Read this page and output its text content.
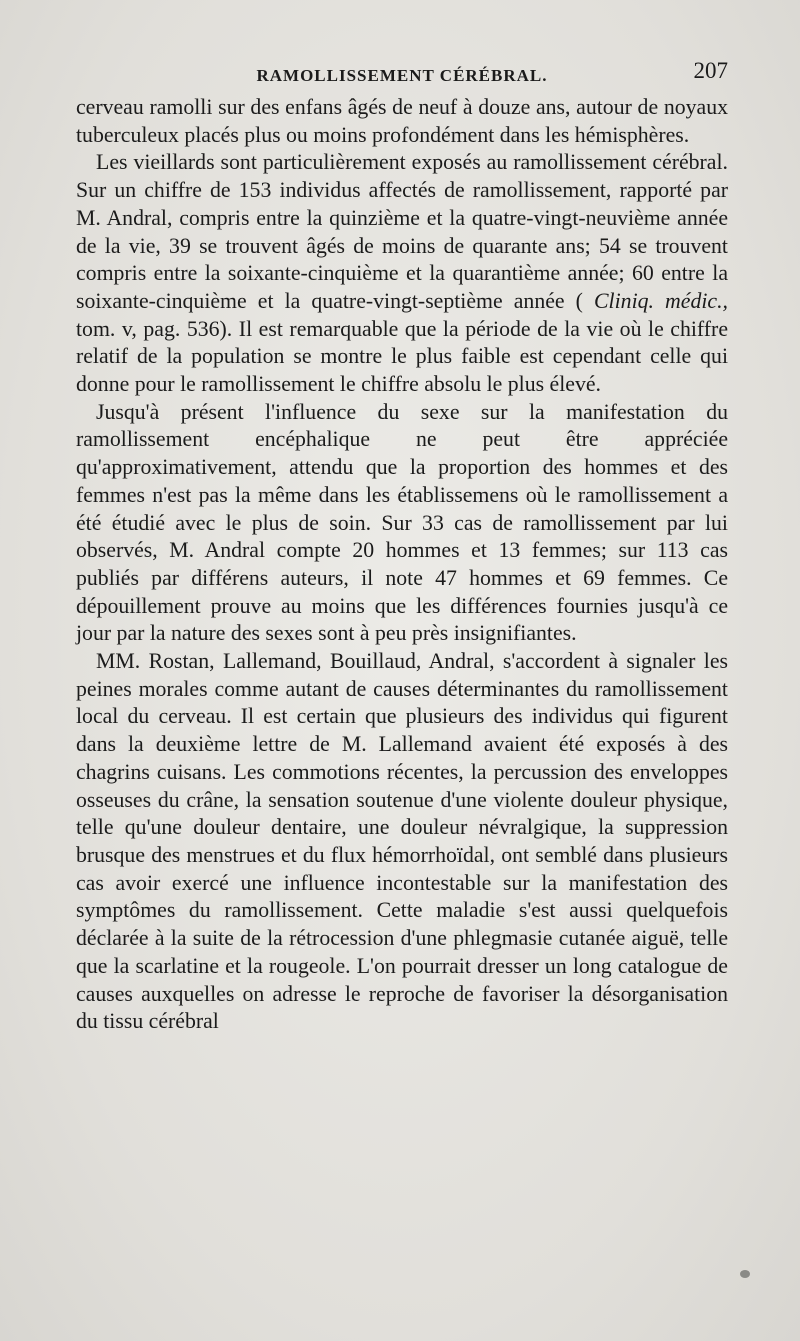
RAMOLLISSEMENT CÉRÉBRAL.	207

cerveau ramolli sur des enfans âgés de neuf à douze ans, autour de noyaux tuberculeux placés plus ou moins profondément dans les hémisphères.

Les vieillards sont particulièrement exposés au ramollissement cérébral. Sur un chiffre de 153 individus affectés de ramollissement, rapporté par M. Andral, compris entre la quinzième et la quatre-vingt-neuvième année de la vie, 39 se trouvent âgés de moins de quarante ans; 54 se trouvent compris entre la soixante-cinquième et la quarantième année; 60 entre la soixante-cinquième et la quatre-vingt-septième année ( Cliniq. médic., tom. v, pag. 536). Il est remarquable que la période de la vie où le chiffre relatif de la population se montre le plus faible est cependant celle qui donne pour le ramollissement le chiffre absolu le plus élevé.

Jusqu'à présent l'influence du sexe sur la manifestation du ramollissement encéphalique ne peut être appréciée qu'approximativement, attendu que la proportion des hommes et des femmes n'est pas la même dans les établissemens où le ramollissement a été étudié avec le plus de soin. Sur 33 cas de ramollissement par lui observés, M. Andral compte 20 hommes et 13 femmes; sur 113 cas publiés par différens auteurs, il note 47 hommes et 69 femmes. Ce dépouillement prouve au moins que les différences fournies jusqu'à ce jour par la nature des sexes sont à peu près insignifiantes.

MM. Rostan, Lallemand, Bouillaud, Andral, s'accordent à signaler les peines morales comme autant de causes déterminantes du ramollissement local du cerveau. Il est certain que plusieurs des individus qui figurent dans la deuxième lettre de M. Lallemand avaient été exposés à des chagrins cuisans. Les commotions récentes, la percussion des enveloppes osseuses du crâne, la sensation soutenue d'une violente douleur physique, telle qu'une douleur dentaire, une douleur névralgique, la suppression brusque des menstrues et du flux hémorrhoïdal, ont semblé dans plusieurs cas avoir exercé une influence incontestable sur la manifestation des symptômes du ramollissement. Cette maladie s'est aussi quelquefois déclarée à la suite de la rétrocession d'une phlegmasie cutanée aiguë, telle que la scarlatine et la rougeole. L'on pourrait dresser un long catalogue de causes auxquelles on adresse le reproche de favoriser la désorganisation du tissu cérébral
